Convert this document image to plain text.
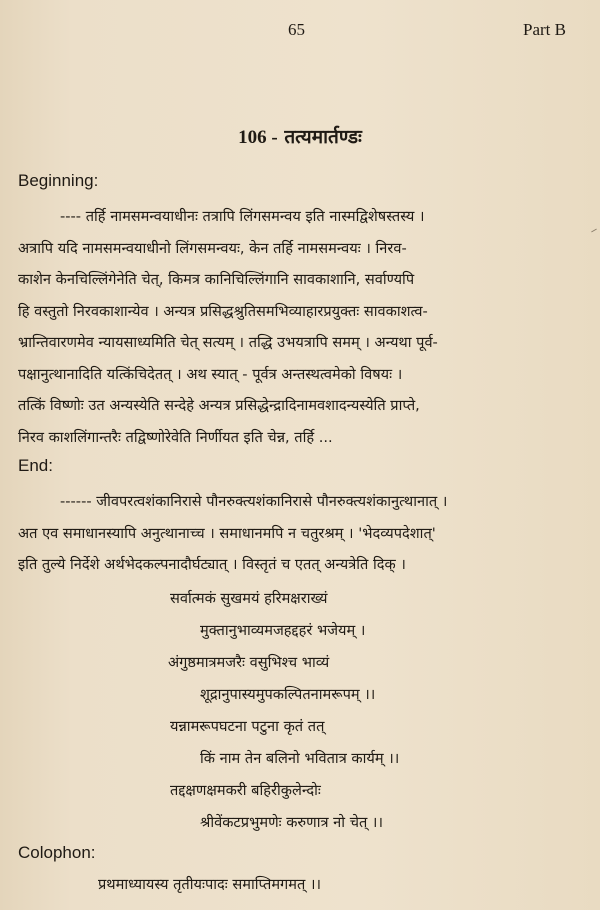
65	Part B
106 - तत्यमार्तण्डः
Beginning:
---- तर्हि नामसमन्वयाधीनः तत्रापि लिंगसमन्वय इति नास्मद्विशेषस्तस्य ।
अत्रापि यदि नामसमन्वयाधीनो लिंगसमन्वयः, केन तर्हि नामसमन्वयः । निरव-
काशेन केनचिल्लिंगेनेति चेत्, किमत्र कानिचिल्लिंगानि सावकाशानि, सर्वाण्यपि
हि वस्तुतो निरवकाशान्येव । अन्यत्र प्रसिद्धश्रुतिसमभिव्याहारप्रयुक्तः सावकाशत्व-
भ्रान्तिवारणमेव न्यायसाध्यमिति चेत् सत्यम् । तद्धि उभयत्रापि समम् । अन्यथा पूर्व-
पक्षानुत्थानादिति यत्किंचिदेतत् । अथ स्यात् - पूर्वत्र अन्तस्थत्वमेको विषयः ।
तत्किं विष्णोः उत अन्यस्येति सन्देहे अन्यत्र प्रसिद्धेन्द्रादिनामवशादन्यस्येति प्राप्ते,
निरव काशलिंगान्तरैः तद्विष्णोरेवेति निर्णीयत इति चेन्न, तर्हि ...
End:
------ जीवपरत्वशंकानिरासे पौनरुक्त्यशंकानिरासे पौनरुक्त्यशंकानुत्थानात् ।
अत एव समाधानस्यापि अनुत्थानाच्च । समाधानमपि न चतुरश्रम् । 'भेदव्यपदेशात्'
इति तुल्ये निर्देशे अर्थभेदकल्पनादौर्घट्यात् । विस्तृतं च एतत् अन्यत्रेति दिक् ।
सर्वात्मकं सुखमयं हरिमक्षराख्यं
मुक्तानुभाव्यमजहद्दहरं भजेयम् ।
अंगुष्ठमात्रमजरैः वसुभिश्च भाव्यं
शूद्रानुपास्यमुपकल्पितनामरूपम् ।।
यन्नामरूपघटना पटुना कृतं तत्
किं नाम तेन बलिनो भवितात्र कार्यम् ।।
तद्दक्षणक्षमकरी बहिरीकुलेन्दोः
श्रीवेंकटप्रभुमणेः करुणात्र नो चेत् ।।
Colophon:
प्रथमाध्यायस्य तृतीयःपादः समाप्तिमगमत् ।।
